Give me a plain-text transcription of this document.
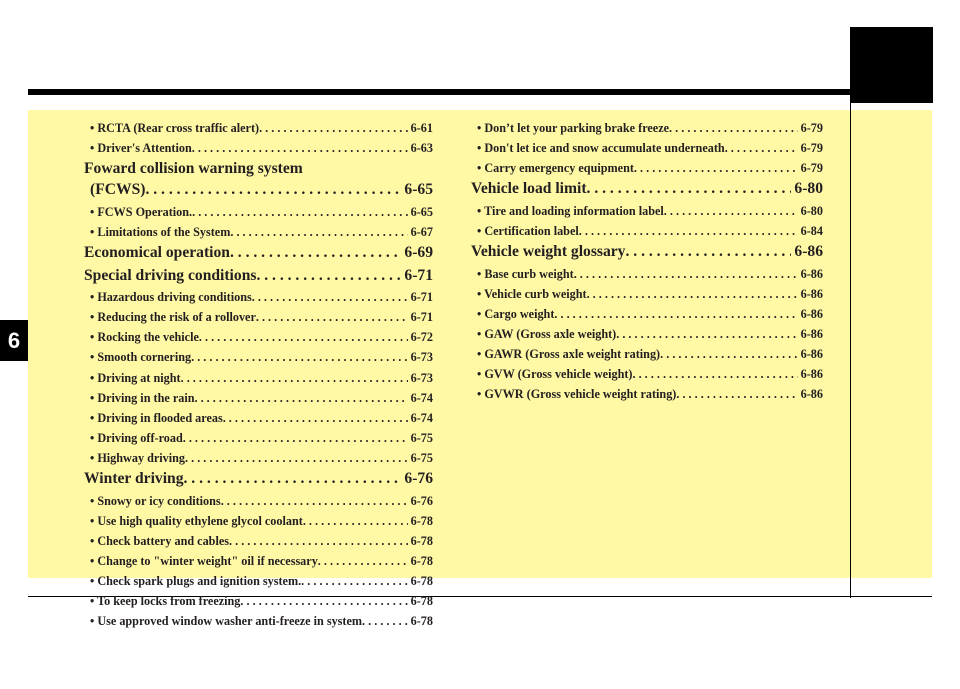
6
• RCTA (Rear cross traffic alert) . . .	6-61
• Driver's Attention . . .	6-63
Foward collision warning system
(FCWS) . . .	6-65
• FCWS Operation. . . .	6-65
• Limitations of the System . . .	6-67
Economical operation . . .	6-69
Special driving conditions . . .	6-71
• Hazardous driving conditions . . .	6-71
• Reducing the risk of a rollover . . .	6-71
• Rocking the vehicle . . .	6-72
• Smooth cornering . . .	6-73
• Driving at night . . .	6-73
• Driving in the rain . . .	6-74
• Driving in flooded areas . . .	6-74
• Driving off-road . . .	6-75
• Highway driving . . .	6-75
Winter driving . . .	6-76
• Snowy or icy conditions . . .	6-76
• Use high quality ethylene glycol coolant . . .	6-78
• Check battery and cables . . .	6-78
• Change to "winter weight" oil if necessary . . .	6-78
• Check spark plugs and ignition system. . . .	6-78
• To keep locks from freezing . . .	6-78
• Use approved window washer anti-freeze in system . . .	6-78
• Don’t let your parking brake freeze . . .	6-79
• Don't let ice and snow accumulate underneath . . .	6-79
• Carry emergency equipment . . .	6-79
Vehicle load limit . . .	6-80
• Tire and loading information label . . .	6-80
• Certification label . . .	6-84
Vehicle weight glossary . . .	6-86
• Base curb weight . . .	6-86
• Vehicle curb weight . . .	6-86
• Cargo weight . . .	6-86
• GAW (Gross axle weight) . . .	6-86
• GAWR (Gross axle weight rating) . . .	6-86
• GVW (Gross vehicle weight) . . .	6-86
• GVWR (Gross vehicle weight rating) . . .	6-86
